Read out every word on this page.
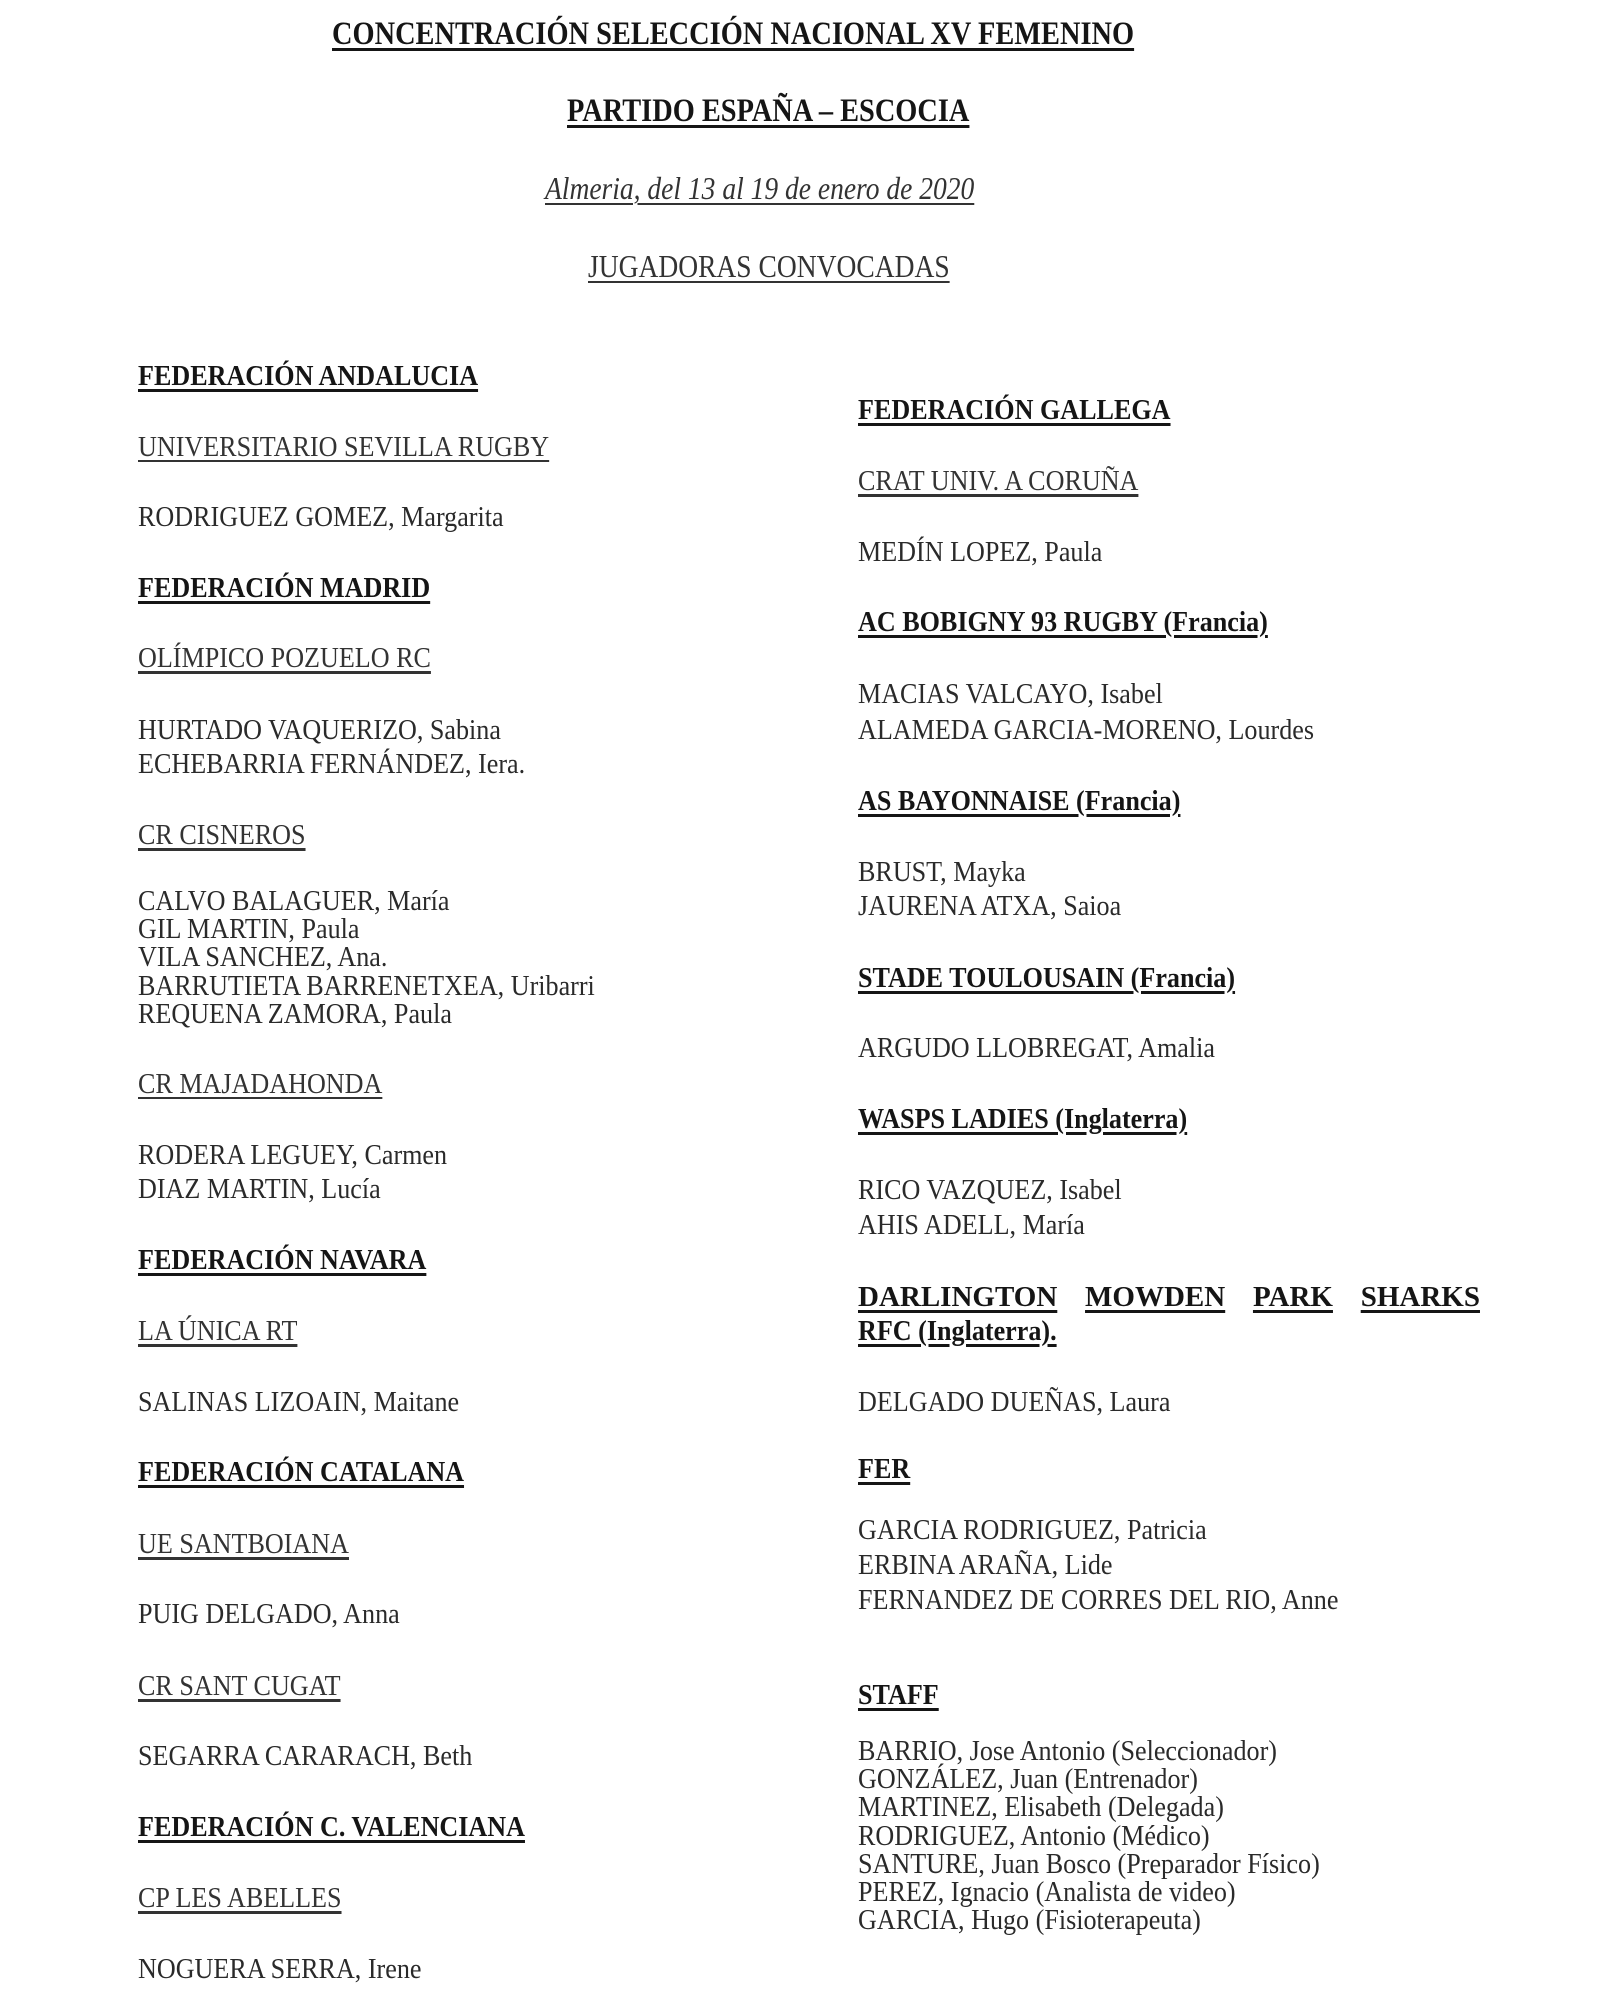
CONCENTRACIÓN SELECCIÓN NACIONAL XV FEMENINO
PARTIDO ESPAÑA – ESCOCIA
Almeria, del 13 al 19 de enero de 2020
JUGADORAS CONVOCADAS
FEDERACIÓN ANDALUCIA
UNIVERSITARIO SEVILLA RUGBY
RODRIGUEZ GOMEZ, Margarita
FEDERACIÓN MADRID
OLÍMPICO POZUELO RC
HURTADO VAQUERIZO, Sabina
ECHEBARRIA FERNÁNDEZ, Iera.
CR CISNEROS
CALVO BALAGUER, María
GIL MARTIN, Paula
VILA SANCHEZ, Ana.
BARRUTIETA BARRENETXEA, Uribarri
REQUENA ZAMORA, Paula
CR MAJADAHONDA
RODERA LEGUEY, Carmen
DIAZ MARTIN, Lucía
FEDERACIÓN NAVARA
LA ÚNICA RT
SALINAS LIZOAIN, Maitane
FEDERACIÓN CATALANA
UE SANTBOIANA
PUIG DELGADO, Anna
CR SANT CUGAT
SEGARRA CARARACH, Beth
FEDERACIÓN C. VALENCIANA
CP LES ABELLES
NOGUERA SERRA, Irene
FEDERACIÓN GALLEGA
CRAT UNIV. A CORUÑA
MEDÍN LOPEZ, Paula
AC BOBIGNY 93 RUGBY (Francia)
MACIAS VALCAYO, Isabel
ALAMEDA GARCIA-MORENO, Lourdes
AS BAYONNAISE (Francia)
BRUST, Mayka
JAURENA ATXA, Saioa
STADE TOULOUSAIN (Francia)
ARGUDO LLOBREGAT, Amalia
WASPS LADIES (Inglaterra)
RICO VAZQUEZ, Isabel
AHIS ADELL, María
DARLINGTON MOWDEN PARK SHARKS
RFC (Inglaterra).
DELGADO DUEÑAS, Laura
FER
GARCIA RODRIGUEZ, Patricia
ERBINA ARAÑA, Lide
FERNANDEZ DE CORRES DEL RIO, Anne
STAFF
BARRIO, Jose Antonio (Seleccionador)
GONZÁLEZ, Juan (Entrenador)
MARTINEZ, Elisabeth (Delegada)
RODRIGUEZ, Antonio (Médico)
SANTURE, Juan Bosco (Preparador Físico)
PEREZ, Ignacio (Analista de video)
GARCIA, Hugo (Fisioterapeuta)
